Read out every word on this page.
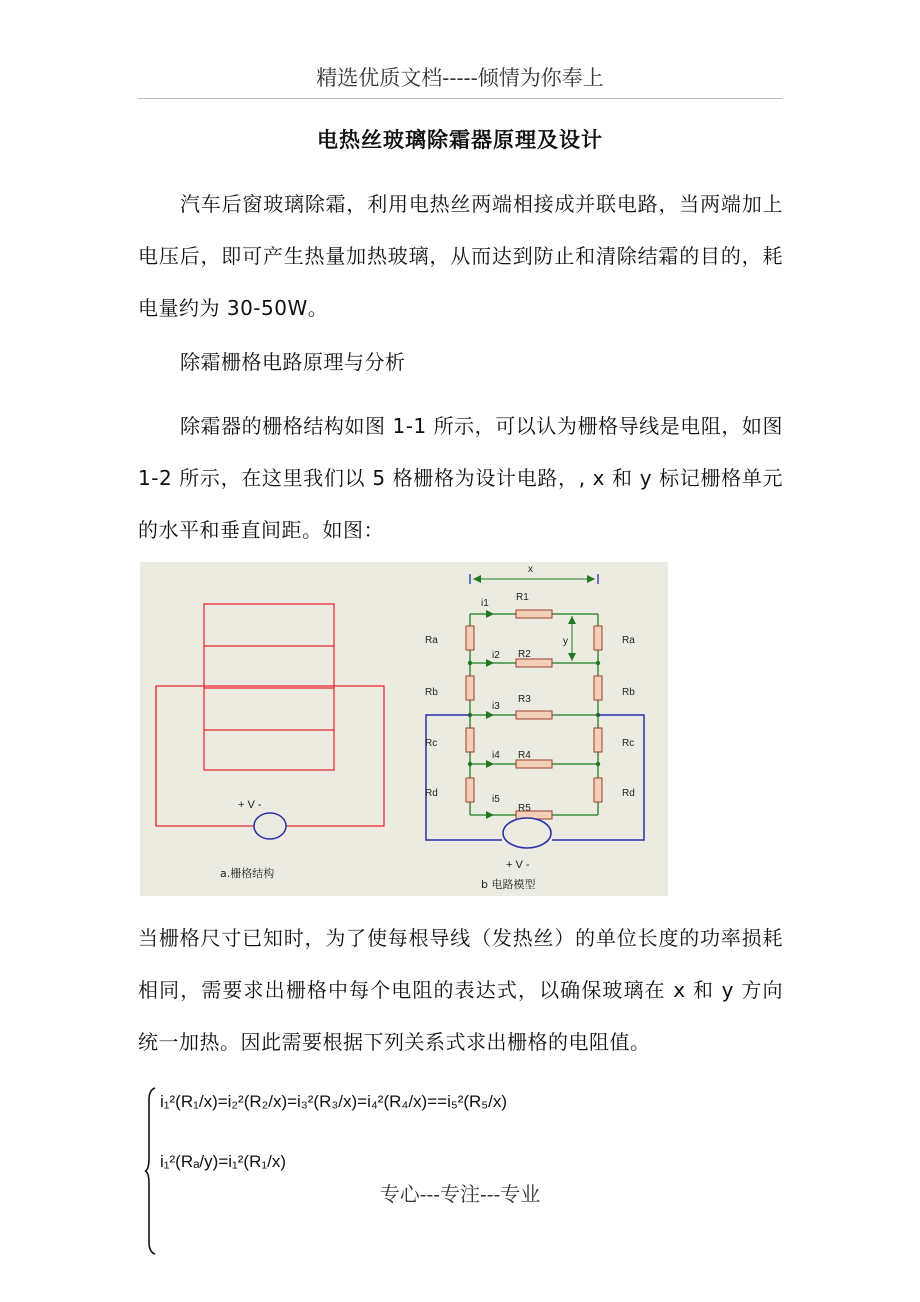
精选优质文档-----倾情为你奉上
电热丝玻璃除霜器原理及设计
汽车后窗玻璃除霜，利用电热丝两端相接成并联电路，当两端加上电压后，即可产生热量加热玻璃，从而达到防止和清除结霜的目的，耗电量约为 30-50W。
除霜栅格电路原理与分析
除霜器的栅格结构如图 1-1 所示，可以认为栅格导线是电阻，如图 1-2 所示，在这里我们以 5 格栅格为设计电路，, x 和 y 标记栅格单元的水平和垂直间距。如图：
+ V -
a.栅格结构
x
y
+ V -
i1
i2
i3
i4
i5
R1
R2
R3
R4
R5
Ra	Ra
Rb	Rb
Rc	Rc
Rd	Rd
b 电路模型
当栅格尺寸已知时，为了使每根导线（发热丝）的单位长度的功率损耗相同，需要求出栅格中每个电阻的表达式，以确保玻璃在 x 和 y 方向统一加热。因此需要根据下列关系式求出栅格的电阻值。
i₁²(R₁/x)=i₂²(R₂/x)=i₃²(R₃/x)=i₄²(R₄/x)==i₅²(R₅/x)
i₁²(Rₐ/y)=i₁²(R₁/x)
专心---专注---专业
